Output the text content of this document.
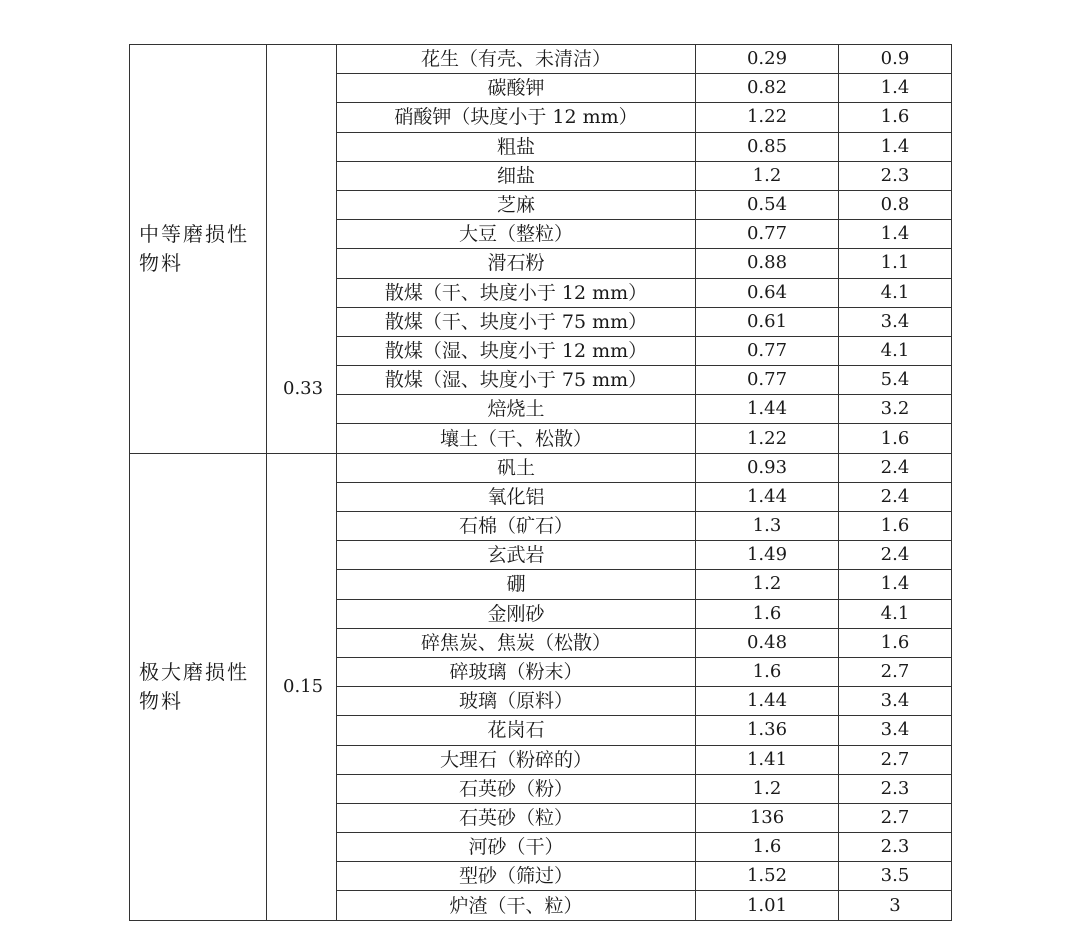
中等磨损性物料	0.33	花生（有壳、未清洁）	0.29	0.9
		碳酸钾	0.82	1.4
		硝酸钾（块度小于 12 mm）	1.22	1.6
		粗盐	0.85	1.4
		细盐	1.2	2.3
		芝麻	0.54	0.8
		大豆（整粒）	0.77	1.4
		滑石粉	0.88	1.1
		散煤（干、块度小于 12 mm）	0.64	4.1
		散煤（干、块度小于 75 mm）	0.61	3.4
		散煤（湿、块度小于 12 mm）	0.77	4.1
		散煤（湿、块度小于 75 mm）	0.77	5.4
		焙烧土	1.44	3.2
		壤土（干、松散）	1.22	1.6
极大磨损性物料	0.15	矾土	0.93	2.4
		氧化铝	1.44	2.4
		石棉（矿石）	1.3	1.6
		玄武岩	1.49	2.4
		硼	1.2	1.4
		金刚砂	1.6	4.1
		碎焦炭、焦炭（松散）	0.48	1.6
		碎玻璃（粉末）	1.6	2.7
		玻璃（原料）	1.44	3.4
		花岗石	1.36	3.4
		大理石（粉碎的）	1.41	2.7
		石英砂（粉）	1.2	2.3
		石英砂（粒）	136	2.7
		河砂（干）	1.6	2.3
		型砂（筛过）	1.52	3.5
		炉渣（干、粒）	1.01	3
